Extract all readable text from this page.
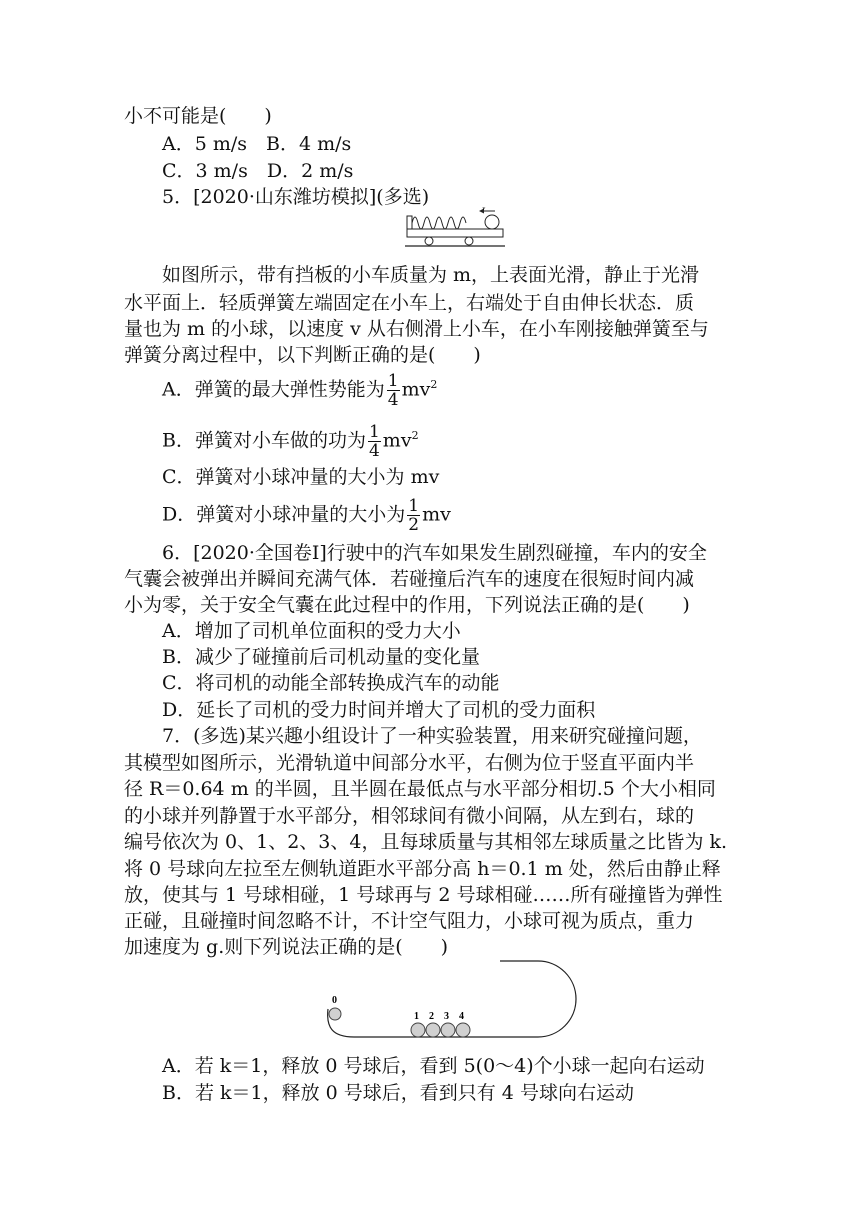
小不可能是(　　)
A．5 m/s　B．4 m/s
C．3 m/s　D．2 m/s
5．[2020·山东潍坊模拟](多选)	v
如图所示，带有挡板的小车质量为 m，上表面光滑，静止于光滑
水平面上．轻质弹簧左端固定在小车上，右端处于自由伸长状态．质
量也为 m 的小球，以速度 v 从右侧滑上小车，在小车刚接触弹簧至与
弹簧分离过程中，以下判断正确的是(　　)
A．弹簧的最大弹性势能为 $\frac{1}{4} mv^2$
B．弹簧对小车做的功为 $\frac{1}{4} mv^2$
C．弹簧对小球冲量的大小为 mv
D．弹簧对小球冲量的大小为 $\frac{1}{2}$ mv
6．[2020·全国卷Ⅰ]行驶中的汽车如果发生剧烈碰撞，车内的安全
气囊会被弹出并瞬间充满气体．若碰撞后汽车的速度在很短时间内减
小为零，关于安全气囊在此过程中的作用，下列说法正确的是(　　)
A．增加了司机单位面积的受力大小
B．减少了碰撞前后司机动量的变化量
C．将司机的动能全部转换成汽车的动能
D．延长了司机的受力时间并增大了司机的受力面积
7．(多选)某兴趣小组设计了一种实验装置，用来研究碰撞问题，
其模型如图所示，光滑轨道中间部分水平，右侧为位于竖直平面内半
径 R＝0.64 m 的半圆，且半圆在最低点与水平部分相切.5 个大小相同
的小球并列静置于水平部分，相邻球间有微小间隔，从左到右，球的
编号依次为 0、1、2、3、4，且每球质量与其相邻左球质量之比皆为 k.
将 0 号球向左拉至左侧轨道距水平部分高 h＝0.1 m 处，然后由静止释
放，使其与 1 号球相碰，1 号球再与 2 号球相碰……所有碰撞皆为弹性
正碰，且碰撞时间忽略不计，不计空气阻力，小球可视为质点，重力
加速度为 g.则下列说法正确的是(　　)
0
1 2 3 4
A．若 k＝1，释放 0 号球后，看到 5(0～4)个小球一起向右运动
B．若 k＝1，释放 0 号球后，看到只有 4 号球向右运动
